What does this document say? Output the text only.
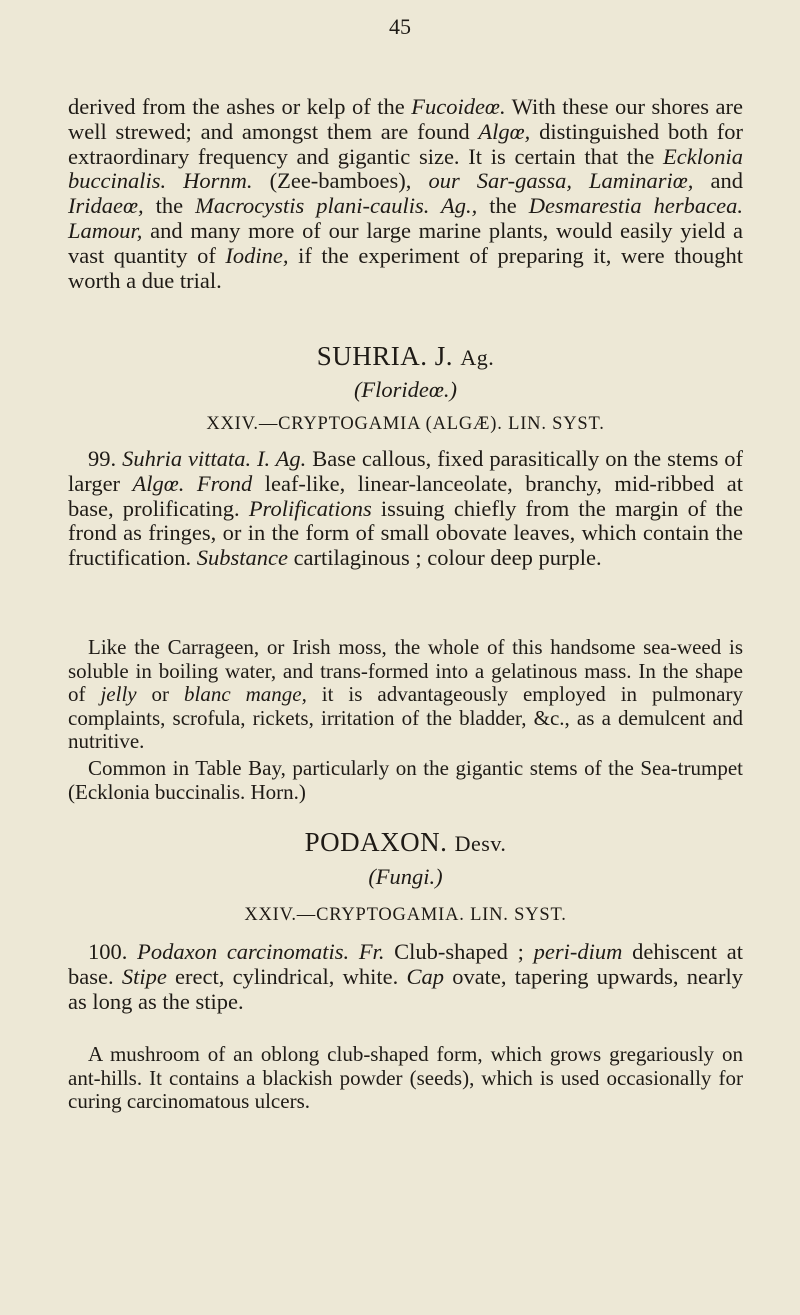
45

derived from the ashes or kelp of the Fucoideœ. With these our shores are well strewed; and amongst them are found Algœ, distinguished both for extraordinary frequency and gigantic size. It is certain that the Ecklonia buccinalis. Hornm. (Zee-bamboes), our Sar-gassa, Laminariœ, and Iridaeœ, the Macrocystis plani-caulis. Ag., the Desmarestia herbacea. Lamour, and many more of our large marine plants, would easily yield a vast quantity of Iodine, if the experiment of preparing it, were thought worth a due trial.

SUHRIA. J. Ag.

(Florideœ.)

XXIV.—CRYPTOGAMIA (ALGÆ). LIN. SYST.

99. Suhria vittata. I. Ag. Base callous, fixed parasitically on the stems of larger Algœ. Frond leaf-like, linear-lanceolate, branchy, mid-ribbed at base, prolificating. Prolifications issuing chiefly from the margin of the frond as fringes, or in the form of small obovate leaves, which contain the fructification. Substance cartilaginous ; colour deep purple.

Like the Carrageen, or Irish moss, the whole of this handsome sea-weed is soluble in boiling water, and trans-formed into a gelatinous mass. In the shape of jelly or blanc mange, it is advantageously employed in pulmonary complaints, scrofula, rickets, irritation of the bladder, &c., as a demulcent and nutritive.

Common in Table Bay, particularly on the gigantic stems of the Sea-trumpet (Ecklonia buccinalis. Horn.)

PODAXON. Desv.

(Fungi.)

XXIV.—CRYPTOGAMIA. LIN. SYST.

100. Podaxon carcinomatis. Fr. Club-shaped ; peri-dium dehiscent at base. Stipe erect, cylindrical, white. Cap ovate, tapering upwards, nearly as long as the stipe.

A mushroom of an oblong club-shaped form, which grows gregariously on ant-hills. It contains a blackish powder (seeds), which is used occasionally for curing carcinomatous ulcers.
